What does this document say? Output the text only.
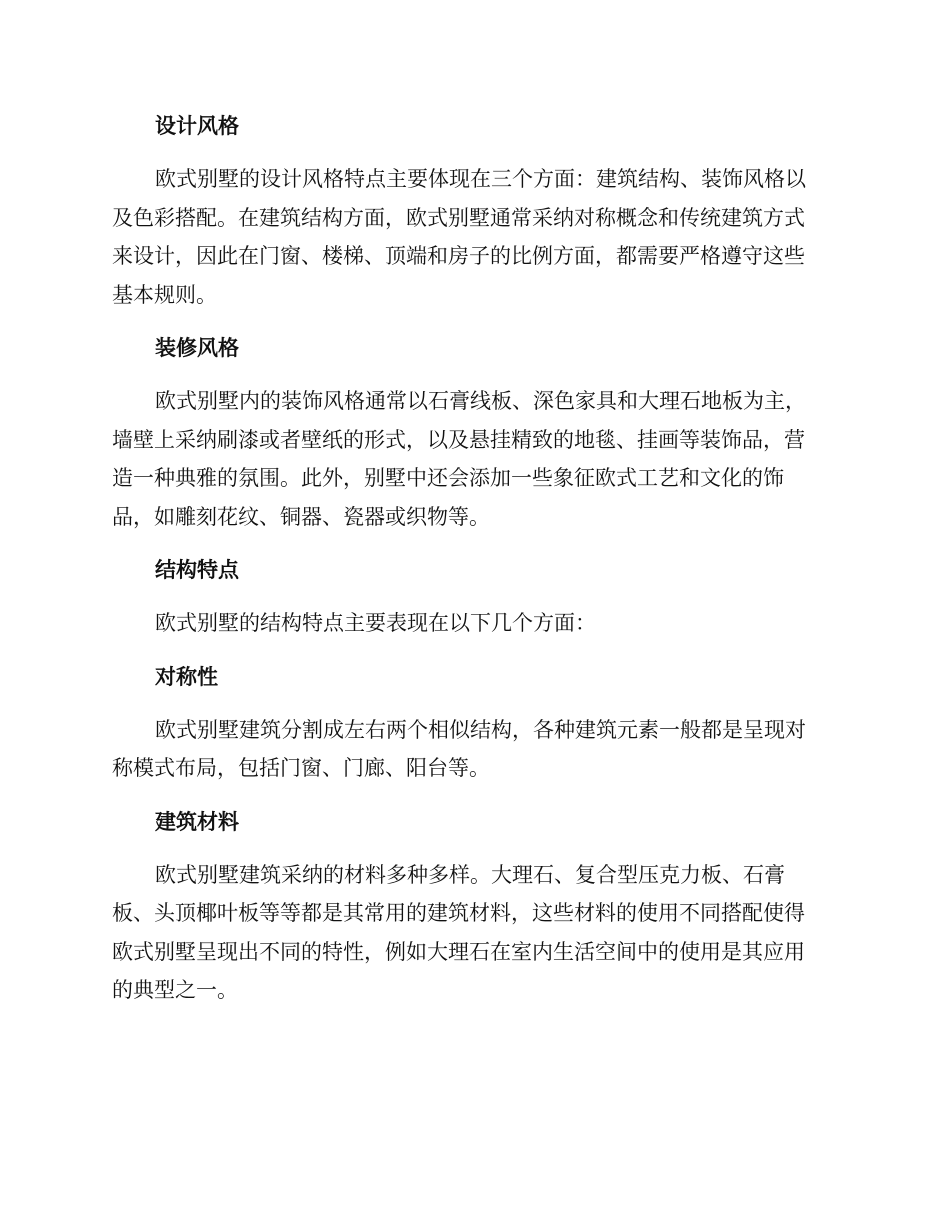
设计风格
欧式别墅的设计风格特点主要体现在三个方面：建筑结构、装饰风格以
及色彩搭配。在建筑结构方面，欧式别墅通常采纳对称概念和传统建筑方式
来设计，因此在门窗、楼梯、顶端和房子的比例方面，都需要严格遵守这些
基本规则。
装修风格
欧式别墅内的装饰风格通常以石膏线板、深色家具和大理石地板为主，
墙壁上采纳刷漆或者壁纸的形式，以及悬挂精致的地毯、挂画等装饰品，营
造一种典雅的氛围。此外，别墅中还会添加一些象征欧式工艺和文化的饰
品，如雕刻花纹、铜器、瓷器或织物等。
结构特点
欧式别墅的结构特点主要表现在以下几个方面：
对称性
欧式别墅建筑分割成左右两个相似结构，各种建筑元素一般都是呈现对
称模式布局，包括门窗、门廊、阳台等。
建筑材料
欧式别墅建筑采纳的材料多种多样。大理石、复合型压克力板、石膏
板、头顶椰叶板等等都是其常用的建筑材料，这些材料的使用不同搭配使得
欧式别墅呈现出不同的特性，例如大理石在室内生活空间中的使用是其应用
的典型之一。
